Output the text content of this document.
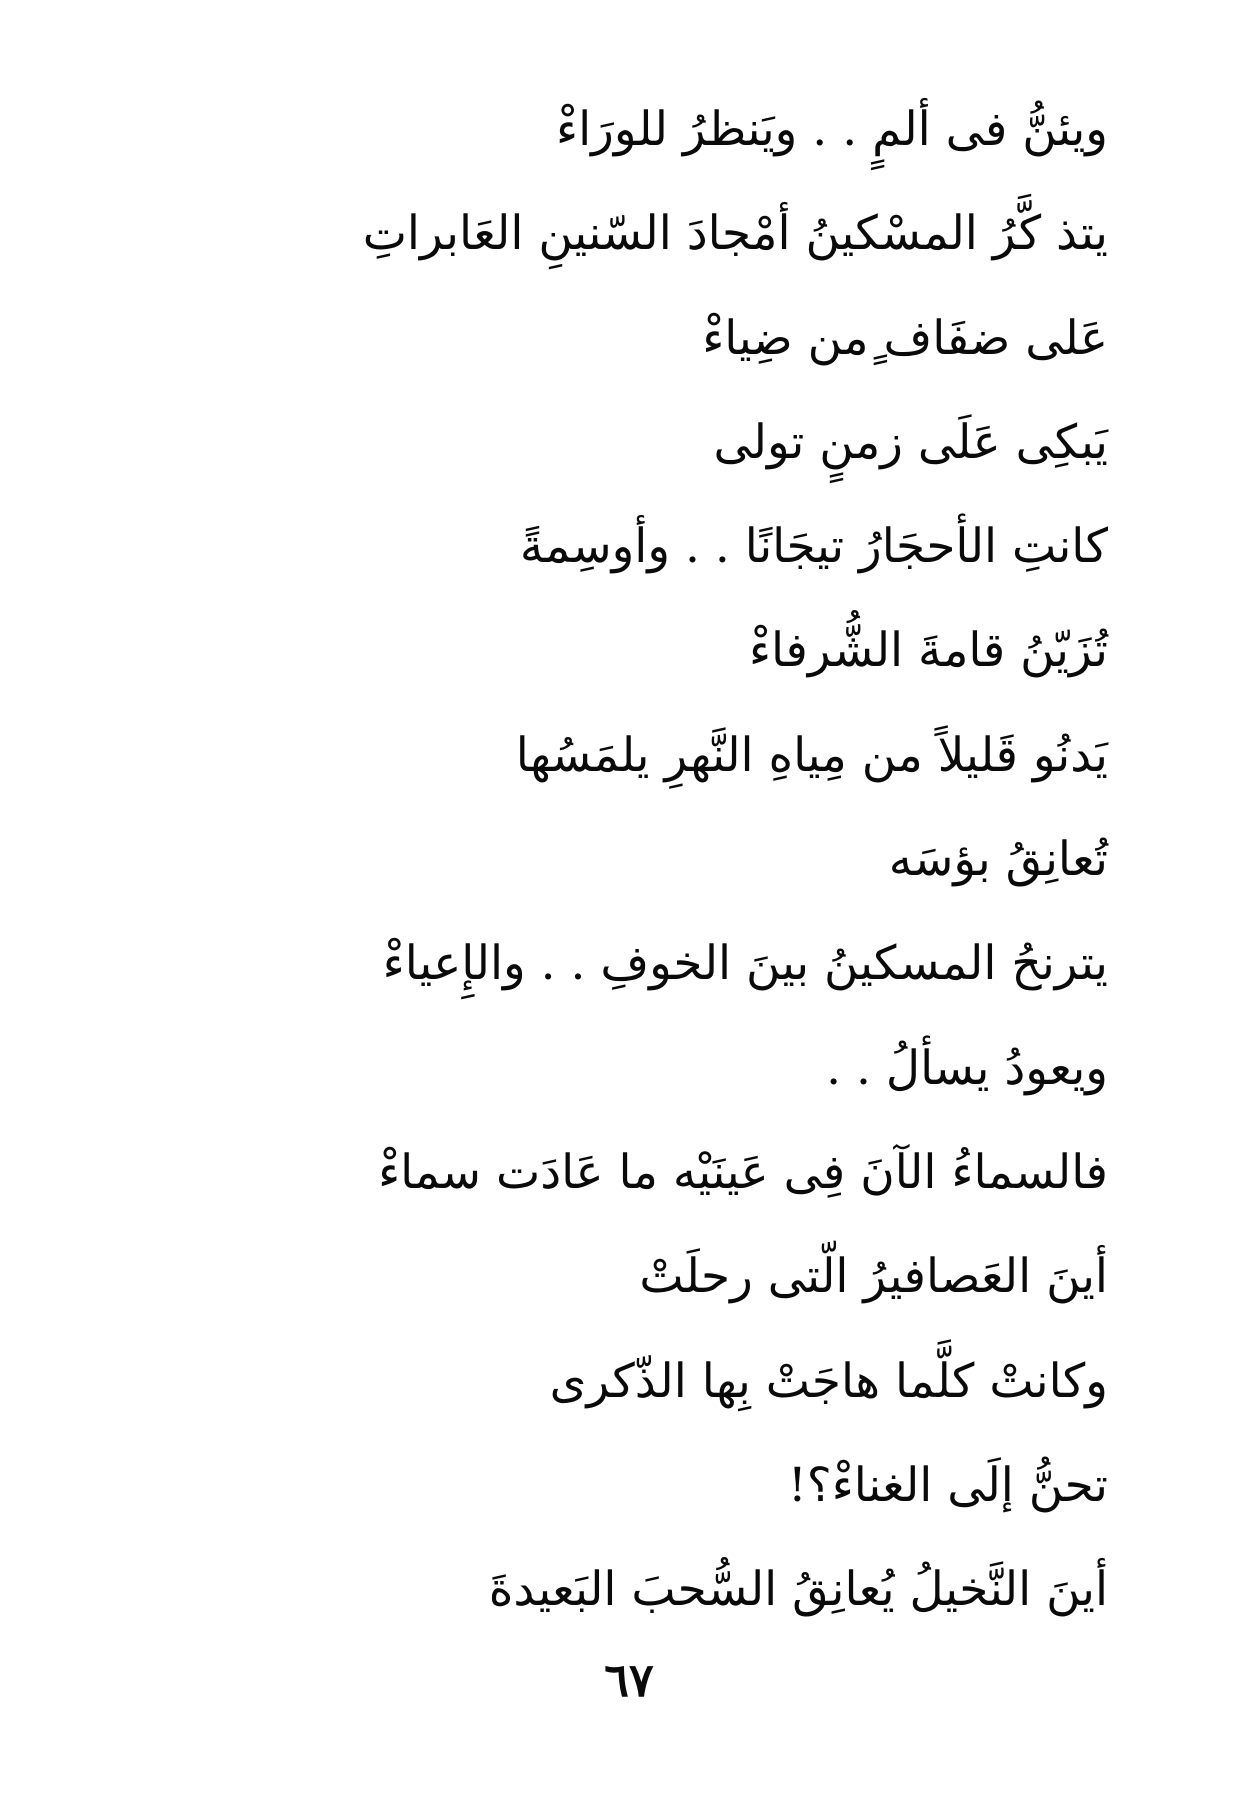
ويئنُّ فى ألمٍ . . ويَنظرُ للورَاءْ
يتذ كَّرُ المسْكينُ أمْجادَ السّنينِ العَابراتِ
عَلى ضفَاف ٍمن ضِياءْ
يَبكِى عَلَى زمنٍ تولى
كانتِ الأحجَارُ تيجَانًا . . وأوسِمةً
تُزَيّنُ قامةَ الشُّرفاءْ
يَدنُو قَليلاً من مِياهِ النَّهرِ يلمَسُها
تُعانِقُ بؤسَه
يترنحُ المسكينُ بينَ الخوفِ . . والإِعياءْ
ويعودُ يسألُ . .
فالسماءُ الآنَ فِى عَينَيْه ما عَادَت سماءْ
أينَ العَصافيرُ الّتى رحلَتْ
وكانتْ كلَّما هاجَتْ بِها الذّكرى
تحنُّ إلَى الغناءْ؟!
أينَ النَّخيلُ يُعانِقُ السُّحبَ البَعيدةَ
٦٧
